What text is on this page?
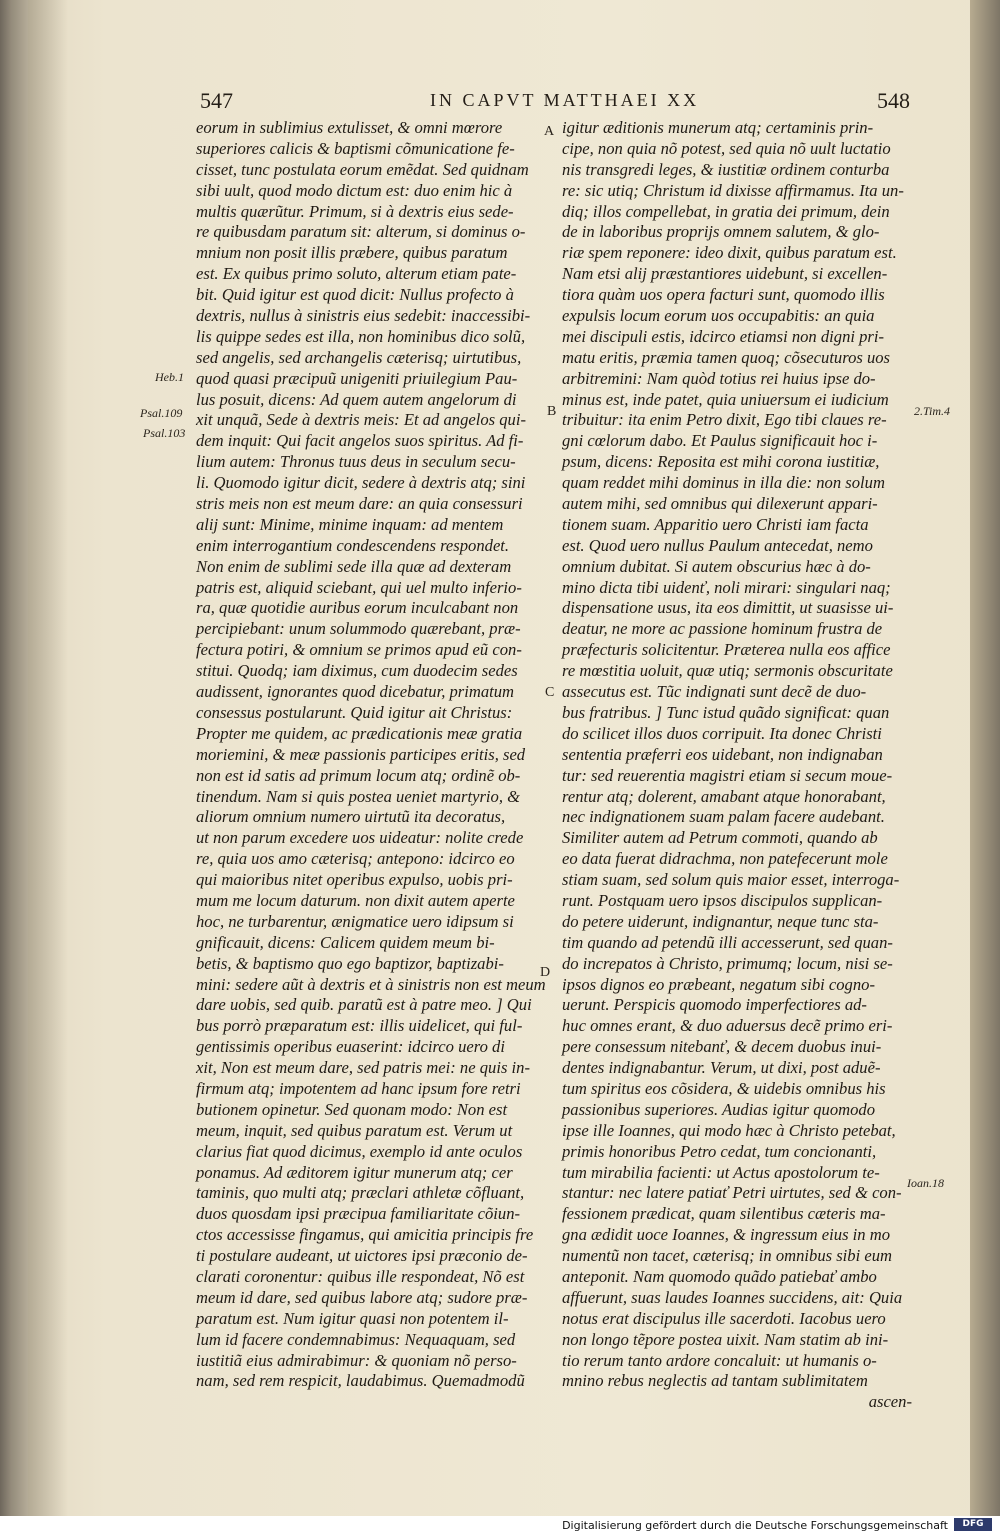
547	IN CAPVT MATTHAEI XX	548
eorum in sublimius extulisset, & omni mœrore
superiores calicis & baptismi cõmunicatione fe-
cisset, tunc postulata eorum emẽdat. Sed quidnam
sibi uult, quod modo dictum est: duo enim hic à
multis quærũtur. Primum, si à dextris eius sede-
re quibusdam paratum sit: alterum, si dominus o-
mnium non posit illis præbere, quibus paratum
est. Ex quibus primo soluto, alterum etiam pate-
bit. Quid igitur est quod dicit: Nullus profecto à
dextris, nullus à sinistris eius sedebit: inaccessibi-
lis quippe sedes est illa, non hominibus dico solũ,
sed angelis, sed archangelis cæterisq; uirtutibus,
quod quasi præcipuũ unigeniti priuilegium Pau-
lus posuit, dicens: Ad quem autem angelorum di
xit unquã, Sede à dextris meis: Et ad angelos qui-
dem inquit: Qui facit angelos suos spiritus. Ad fi-
lium autem: Thronus tuus deus in seculum secu-
li. Quomodo igitur dicit, sedere à dextris atq; sini
stris meis non est meum dare: an quia consessuri
alij sunt: Minime, minime inquam: ad mentem
enim interrogantium condescendens respondet.
Non enim de sublimi sede illa quæ ad dexteram
patris est, aliquid sciebant, qui uel multo inferio-
ra, quæ quotidie auribus eorum inculcabant non
percipiebant: unum solummodo quærebant, præ-
fectura potiri, & omnium se primos apud eũ con-
stitui. Quodq; iam diximus, cum duodecim sedes
audissent, ignorantes quod dicebatur, primatum
consessus postularunt. Quid igitur ait Christus:
Propter me quidem, ac prædicationis meæ gratia
moriemini, & meæ passionis participes eritis, sed
non est id satis ad primum locum atq; ordinẽ ob-
tinendum. Nam si quis postea ueniet martyrio, &
aliorum omnium numero uirtutũ ita decoratus,
ut non parum excedere uos uideatur: nolite crede
re, quia uos amo cæterisq; antepono: idcirco eo
qui maioribus nitet operibus expulso, uobis pri-
mum me locum daturum. non dixit autem aperte
hoc, ne turbarentur, ænigmatice uero idipsum si
gnificauit, dicens: Calicem quidem meum bi-
betis, & baptismo quo ego baptizor, baptizabi-
mini: sedere aũt à dextris et à sinistris non est meum
dare uobis, sed quib. paratũ est à patre meo. ] Qui
bus porrò præparatum est: illis uidelicet, qui ful-
gentissimis operibus euaserint: idcirco uero di
xit, Non est meum dare, sed patris mei: ne quis in-
firmum atq; impotentem ad hanc ipsum fore retri
butionem opinetur. Sed quonam modo: Non est
meum, inquit, sed quibus paratum est. Verum ut
clarius fiat quod dicimus, exemplo id ante oculos
ponamus. Ad æditorem igitur munerum atq; cer
taminis, quo multi atq; præclari athletæ cõfluant,
duos quosdam ipsi præcipua familiaritate cõiun-
ctos accessisse fingamus, qui amicitia principis fre
ti postulare audeant, ut uictores ipsi præconio de-
clarati coronentur: quibus ille respondeat, Nõ est
meum id dare, sed quibus labore atq; sudore præ-
paratum est. Num igitur quasi non potentem il-
lum id facere condemnabimus: Nequaquam, sed
iustitiã eius admirabimur: & quoniam nõ perso-
nam, sed rem respicit, laudabimus. Quemadmodũ
igitur æditionis munerum atq; certaminis prin-
cipe, non quia nõ potest, sed quia nõ uult luctatio
nis transgredi leges, & iustitiæ ordinem conturba
re: sic utiq; Christum id dixisse affirmamus. Ita un-
diq; illos compellebat, in gratia dei primum, dein
de in laboribus proprijs omnem salutem, & glo-
riæ spem reponere: ideo dixit, quibus paratum est.
Nam etsi alij præstantiores uidebunt, si excellen-
tiora quàm uos opera facturi sunt, quomodo illis
expulsis locum eorum uos occupabitis: an quia
mei discipuli estis, idcirco etiamsi non digni pri-
matu eritis, præmia tamen quoq; cõsecuturos uos
arbitremini: Nam quòd totius rei huius ipse do-
minus est, inde patet, quia uniuersum ei iudicium
tribuitur: ita enim Petro dixit, Ego tibi claues re-
gni cœlorum dabo. Et Paulus significauit hoc i-
psum, dicens: Reposita est mihi corona iustitiæ,
quam reddet mihi dominus in illa die: non solum
autem mihi, sed omnibus qui dilexerunt appari-
tionem suam. Apparitio uero Christi iam facta
est. Quod uero nullus Paulum antecedat, nemo
omnium dubitat. Si autem obscurius hæc à do-
mino dicta tibi uidenť, noli mirari: singulari naq;
dispensatione usus, ita eos dimittit, ut suasisse ui-
deatur, ne more ac passione hominum frustra de
præfecturis solicitentur. Præterea nulla eos affice
re mœstitia uoluit, quæ utiq; sermonis obscuritate
assecutus est. Tũc indignati sunt decẽ de duo-
bus fratribus. ] Tunc istud quãdo significat: quan
do scilicet illos duos corripuit. Ita donec Christi
sententia præferri eos uidebant, non indignaban
tur: sed reuerentia magistri etiam si secum moue-
rentur atq; dolerent, amabant atque honorabant,
nec indignationem suam palam facere audebant.
Similiter autem ad Petrum commoti, quando ab
eo data fuerat didrachma, non patefecerunt mole
stiam suam, sed solum quis maior esset, interroga-
runt. Postquam uero ipsos discipulos supplican-
do petere uiderunt, indignantur, neque tunc sta-
tim quando ad petendũ illi accesserunt, sed quan-
do increpatos à Christo, primumq; locum, nisi se-
ipsos dignos eo præbeant, negatum sibi cogno-
uerunt. Perspicis quomodo imperfectiores ad-
huc omnes erant, & duo aduersus decẽ primo eri-
pere consessum nitebanť, & decem duobus inui-
dentes indignabantur. Verum, ut dixi, post aduẽ-
tum spiritus eos cõsidera, & uidebis omnibus his
passionibus superiores. Audias igitur quomodo
ipse ille Ioannes, qui modo hæc à Christo petebat,
primis honoribus Petro cedat, tum concionanti,
tum mirabilia facienti: ut Actus apostolorum te-
stantur: nec latere patiať Petri uirtutes, sed & con-
fessionem prædicat, quam silentibus cæteris ma-
gna ædidit uoce Ioannes, & ingressum eius in mo
numentũ non tacet, cæterisq; in omnibus sibi eum
anteponit. Nam quomodo quãdo patiebať ambo
affuerunt, suas laudes Ioannes succidens, ait: Quia
notus erat discipulus ille sacerdoti. Iacobus uero
non longo tẽpore postea uixit. Nam statim ab ini-
tio rerum tanto ardore concaluit: ut humanis o-
mnino rebus neglectis ad tantam sublimitatem
ascen-
Heb.1
Psal.109
Psal.103
2.Tim.4
Ioan.18
A
B
C
D
Digitalisierung gefördert durch die Deutsche Forschungsgemeinschaft	DFG
